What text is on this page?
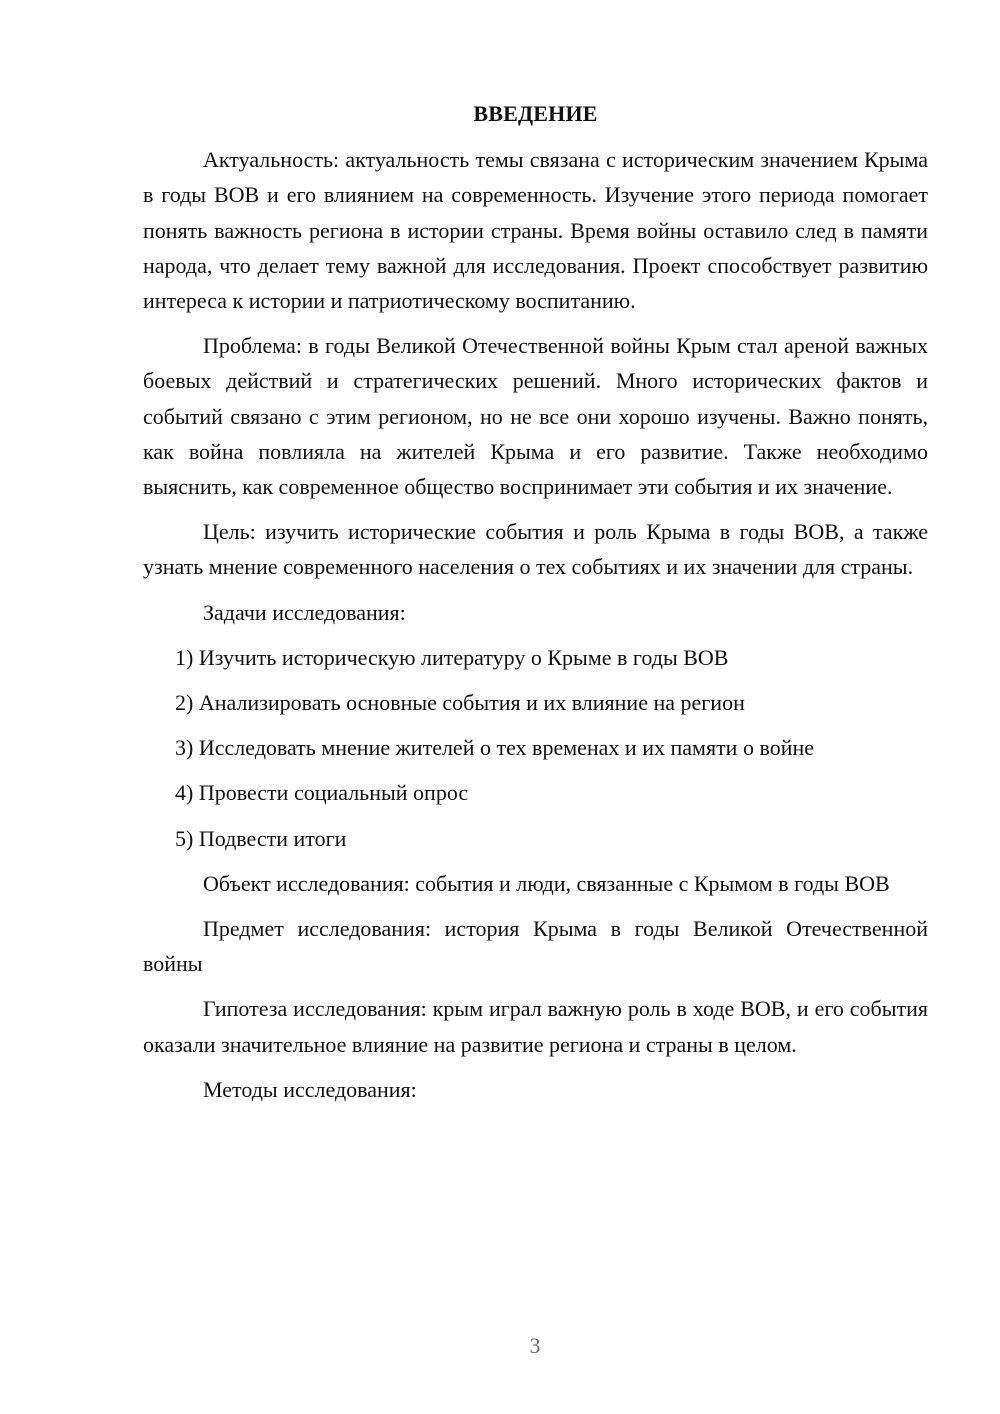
ВВЕДЕНИЕ

Актуальность: актуальность темы связана с историческим значением Крыма в годы ВОВ и его влиянием на современность. Изучение этого периода помогает понять важность региона в истории страны. Время войны оставило след в памяти народа, что делает тему важной для исследования. Проект способствует развитию интереса к истории и патриотическому воспитанию.

Проблема: в годы Великой Отечественной войны Крым стал ареной важных боевых действий и стратегических решений. Много исторических фактов и событий связано с этим регионом, но не все они хорошо изучены. Важно понять, как война повлияла на жителей Крыма и его развитие. Также необходимо выяснить, как современное общество воспринимает эти события и их значение.

Цель: изучить исторические события и роль Крыма в годы ВОВ, а также узнать мнение современного населения о тех событиях и их значении для страны.

Задачи исследования:

1) Изучить историческую литературу о Крыме в годы ВОВ
2) Анализировать основные события и их влияние на регион
3) Исследовать мнение жителей о тех временах и их памяти о войне
4) Провести социальный опрос
5) Подвести итоги

Объект исследования: события и люди, связанные с Крымом в годы ВОВ

Предмет исследования: история Крыма в годы Великой Отечественной войны

Гипотеза исследования: крым играл важную роль в ходе ВОВ, и его события оказали значительное влияние на развитие региона и страны в целом.

Методы исследования:

3
